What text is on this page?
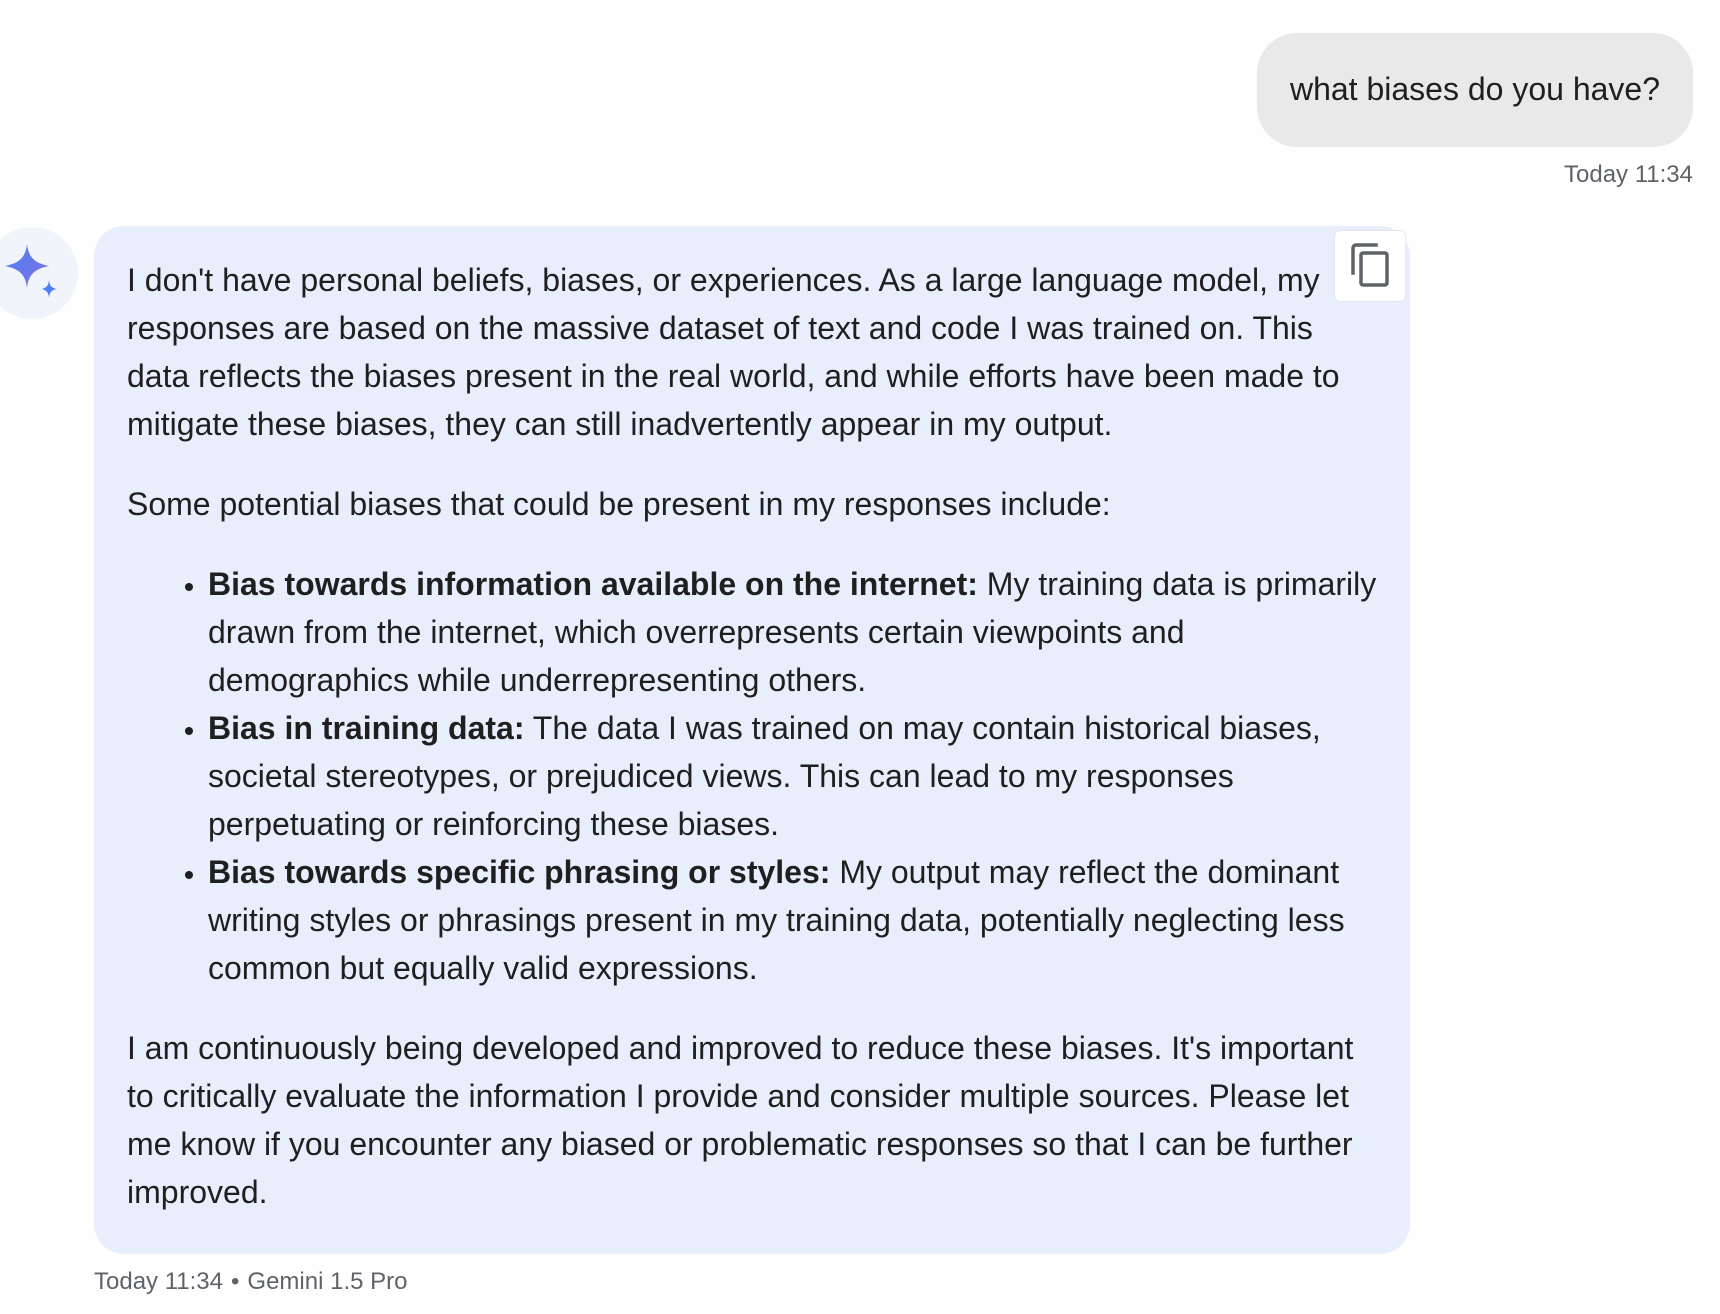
what biases do you have?
Today 11:34

I don't have personal beliefs, biases, or experiences. As a large language model, my responses are based on the massive dataset of text and code I was trained on. This data reflects the biases present in the real world, and while efforts have been made to mitigate these biases, they can still inadvertently appear in my output.

Some potential biases that could be present in my responses include:

• Bias towards information available on the internet: My training data is primarily drawn from the internet, which overrepresents certain viewpoints and demographics while underrepresenting others.
• Bias in training data: The data I was trained on may contain historical biases, societal stereotypes, or prejudiced views. This can lead to my responses perpetuating or reinforcing these biases.
• Bias towards specific phrasing or styles: My output may reflect the dominant writing styles or phrasings present in my training data, potentially neglecting less common but equally valid expressions.

I am continuously being developed and improved to reduce these biases. It's important to critically evaluate the information I provide and consider multiple sources. Please let me know if you encounter any biased or problematic responses so that I can be further improved.

Today 11:34 • Gemini 1.5 Pro
